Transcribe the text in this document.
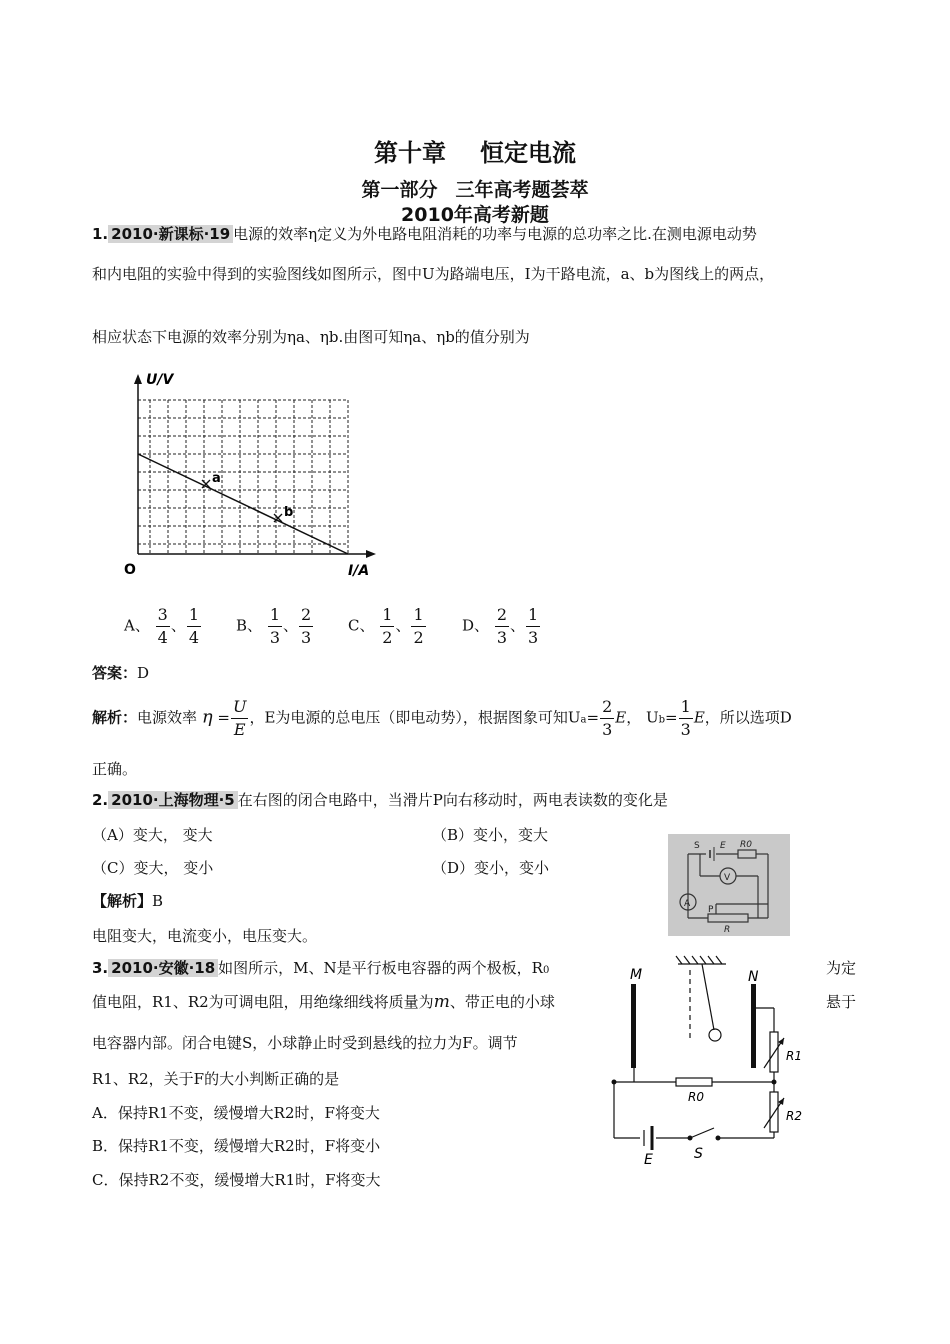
第十章 恒定电流
第一部分 三年高考题荟萃
2010年高考新题
1. 2010·新课标·19 电源的效率η定义为外电路电阻消耗的功率与电源的总功率之比.在测电源电动势
和内电阻的实验中得到的实验图线如图所示，图中U为路端电压，I为干路电流，a、b为图线上的两点，
相应状态下电源的效率分别为ηa、ηb.由图可知ηa、ηb的值分别为
a
b
U/V
O	I/A
A、 $\frac{3}{4}$ 、 $\frac{1}{4}$ B、 $\frac{1}{3}$ 、 $\frac{2}{3}$ C、 $\frac{1}{2}$ 、 $\frac{1}{2}$ D、 $\frac{2}{3}$ 、 $\frac{1}{3}$
答案：D
解析：电源效率 $\eta = \frac{U}{E}$ ，E为电源的总电压（即电动势），根据图象可知$Ua= \frac{2}{3}$ E， $Ub= \frac{1}{3}$ E，所以选项D
正确。
2. 2010·上海物理·5 在右图的闭合电路中，当滑片P向右移动时，两电表读数的变化是
（A）变大， 变大	（B）变小，变大
（C）变大， 变小	（D）变小，变小
【解析】B
电阻变大，电流变小，电压变大。
S E R0
V
A
P
R
3. 2010·安徽·18 如图所示，M、N是平行板电容器的两个极板，R0	为定
值电阻，R1、R2为可调电阻，用绝缘细线将质量为m、带正电的小球	悬于
电容器内部。闭合电键S，小球静止时受到悬线的拉力为F。调节
R1、R2，关于F的大小判断正确的是
A．保持R1不变，缓慢增大R2时，F将变大
B．保持R1不变，缓慢增大R2时，F将变小
C．保持R2不变，缓慢增大R1时，F将变大
M	N
R1
R0
R2
E	S
